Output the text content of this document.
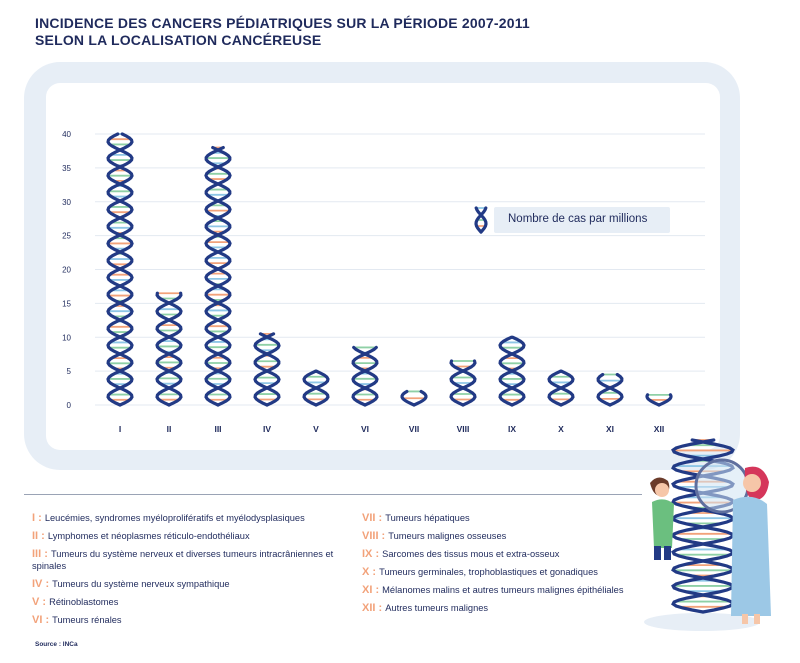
INCIDENCE DES CANCERS PÉDIATRIQUES SUR LA PÉRIODE 2007-2011
SELON LA LOCALISATION CANCÉREUSE
Nombre de cas par millions
0
5
10
15
20
25
30
35
40
I	II	III	IV	V	VI	VII	VIII	IX	X	XI	XII
I : Leucémies, syndromes myéloprolifératifs et myélodysplasiques
II : Lymphomes et néoplasmes réticulo-endothéliaux
III : Tumeurs du système nerveux et diverses tumeurs intracrâniennes et spinales
IV : Tumeurs du système nerveux sympathique
V : Rétinoblastomes
VI : Tumeurs rénales
VII : Tumeurs hépatiques
VIII : Tumeurs malignes osseuses
IX : Sarcomes des tissus mous et extra-osseux
X : Tumeurs germinales, trophoblastiques et gonadiques
XI : Mélanomes malins et autres tumeurs malignes épithéliales
XII : Autres tumeurs malignes
Source : INCa
